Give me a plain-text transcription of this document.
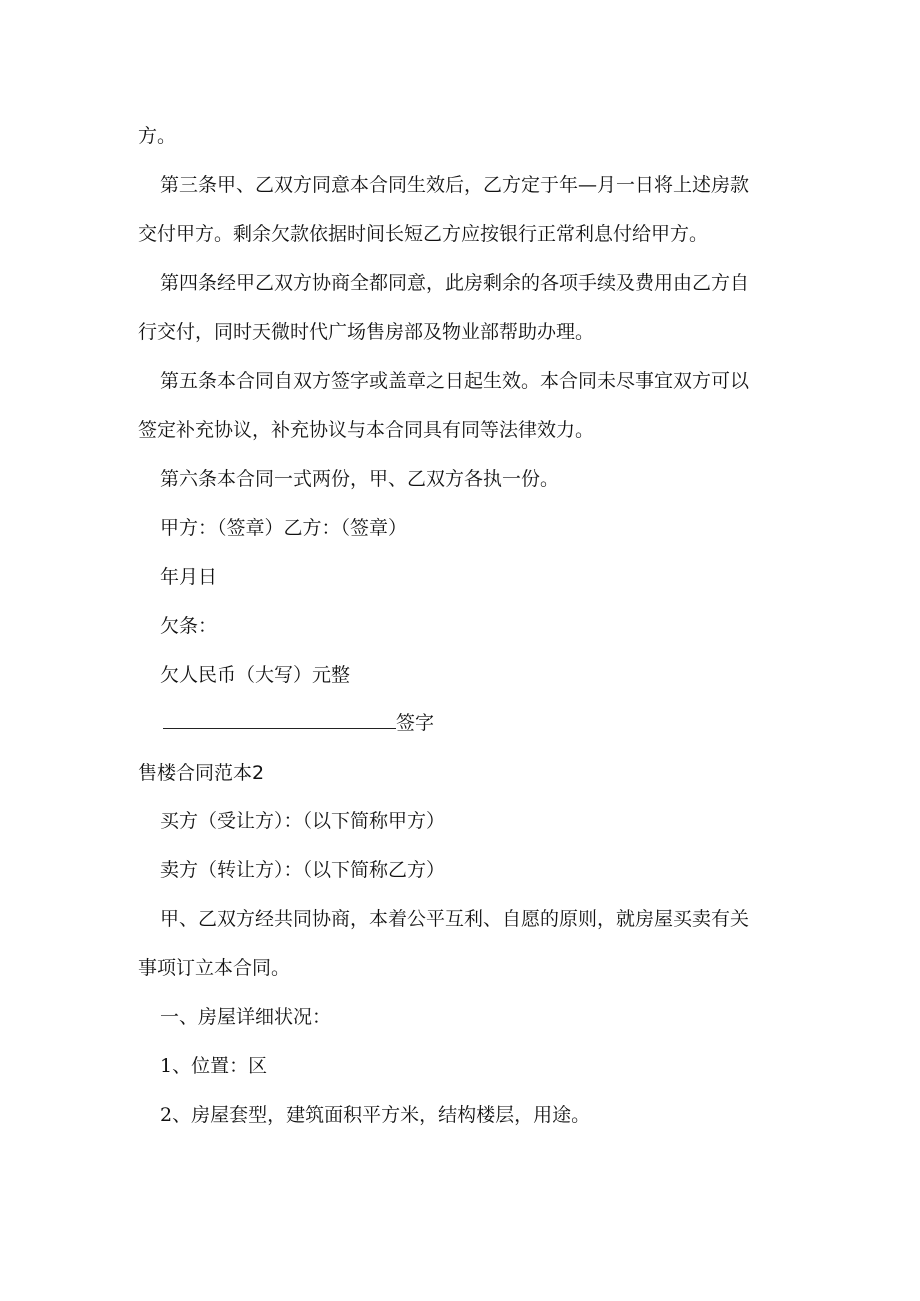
方。
第三条甲、乙双方同意本合同生效后，乙方定于年—月一日将上述房款
交付甲方。剩余欠款依据时间长短乙方应按银行正常利息付给甲方。
第四条经甲乙双方协商全都同意，此房剩余的各项手续及费用由乙方自
行交付，同时天微时代广场售房部及物业部帮助办理。
第五条本合同自双方签字或盖章之日起生效。本合同未尽事宜双方可以
签定补充协议，补充协议与本合同具有同等法律效力。
第六条本合同一式两份，甲、乙双方各执一份。
甲方：（签章）乙方：（签章）
年月日
欠条：
欠人民币（大写）元整
签字
售楼合同范本2
买方（受让方）：（以下简称甲方）
卖方（转让方）：（以下简称乙方）
甲、乙双方经共同协商，本着公平互利、自愿的原则，就房屋买卖有关
事项订立本合同。
一、房屋详细状况：
1、位置：区
2、房屋套型，建筑面积平方米，结构楼层，用途。
